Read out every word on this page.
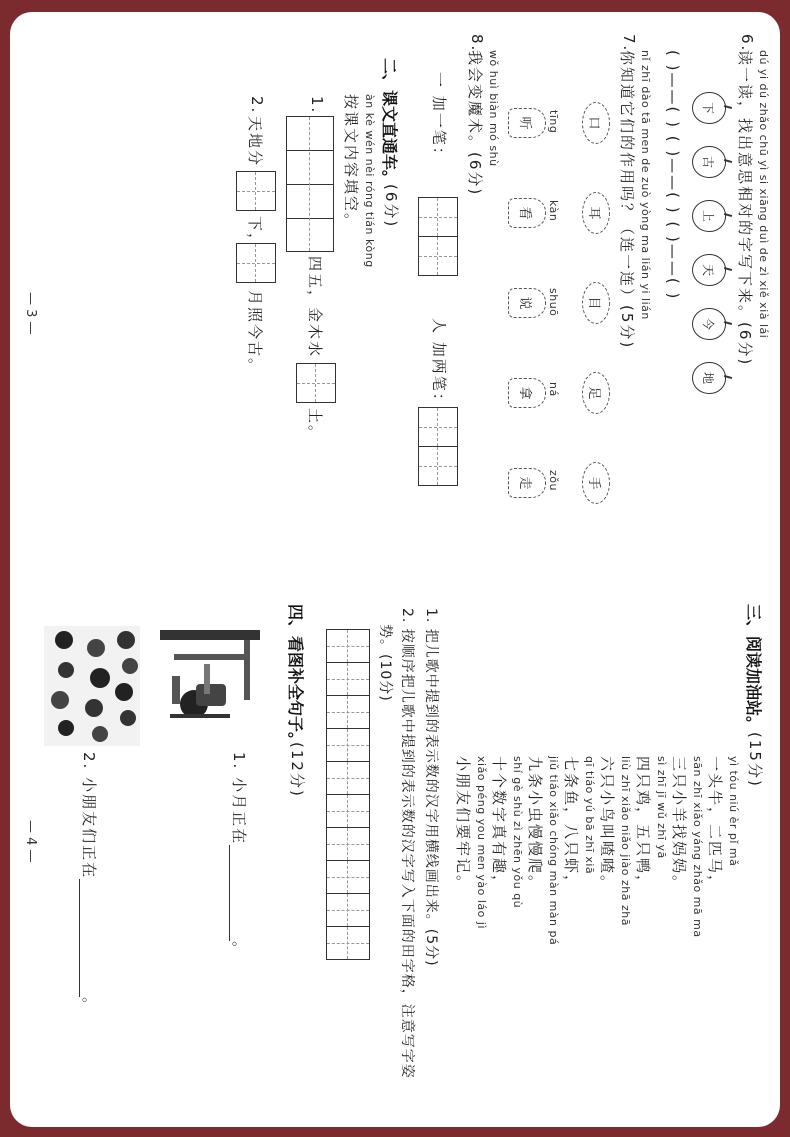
dú yi dú zhǎo chū yì si xiāng duì de zì xiě xià lái
6.
读一读，找出意思相对的字写下来。(6分)
下
古
上
天
今
地
( )——( ) ( )——( ) ( )——( )
nǐ zhī dào tā men de zuò yòng ma lián yi lián
7.
你知道它们的作用吗？（连一连）(5分)
口
耳
目
足
手
tīng
听
kàn
看
shuō
说
ná
拿
zǒu
走
wǒ huì biàn mó shù
8.
我会变魔术。(6分)
一 加一笔：
人 加两笔：
二、课文直通车。
(6分)
àn kè wén nèi róng tián kòng
按课文内容填空。
1.
四五，金木水
土。
2.
天地分
下，
月照今古。
— 3 —
三、阅读加油站。
(15分)
yì tóu niú èr pǐ mǎ
一头牛，二匹马，
sān zhī xiǎo yáng zhǎo mā ma
三只小羊找妈妈。
sì zhī jī wǔ zhī yā
四只鸡，五只鸭，
liù zhī xiǎo niǎo jiào zhā zhā
六只小鸟叫喳喳。
qī tiáo yú bā zhī xiā
七条鱼，八只虾，
jiǔ tiáo xiǎo chóng màn màn pá
九条小虫慢慢爬。
shí gè shù zì zhēn yǒu qù
十个数字真有趣，
xiǎo péng you men yào láo jì
小朋友们要牢记。
1. 把儿歌中提到的表示数的汉字用横线画出来。(5分)
2. 按顺序把儿歌中提到的表示数的汉字写入下面的田字格，注意写字姿
势。(10分)
四、看图补全句子。
(12分)
1. 小月正在。
2. 小朋友们正在。
— 4 —
